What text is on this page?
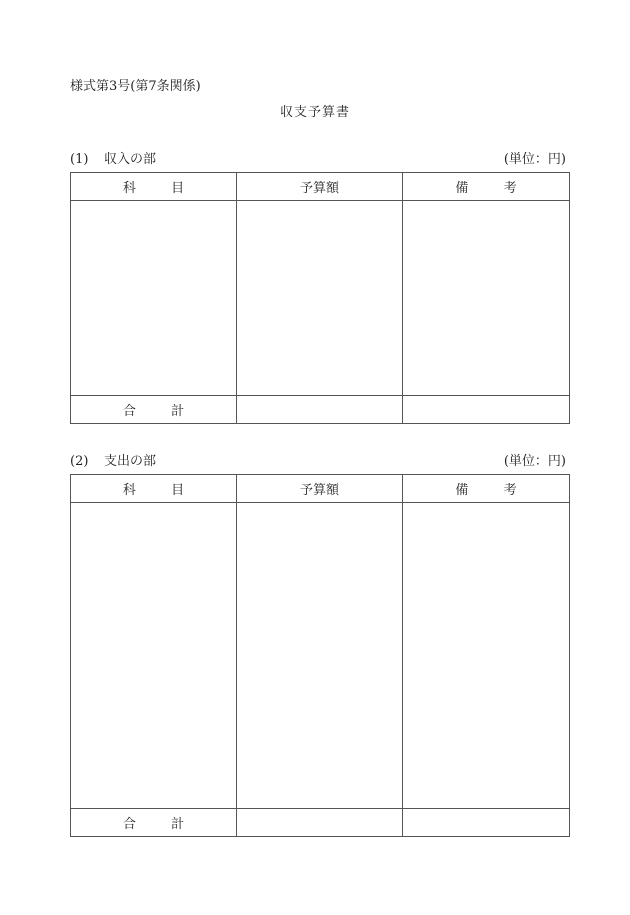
様式第3号(第7条関係)
収支予算書
(1) 収入の部	(単位：円)
科 目	予算額	備 考

合 計		
(2) 支出の部	(単位：円)
科 目	予算額	備 考

合 計		
